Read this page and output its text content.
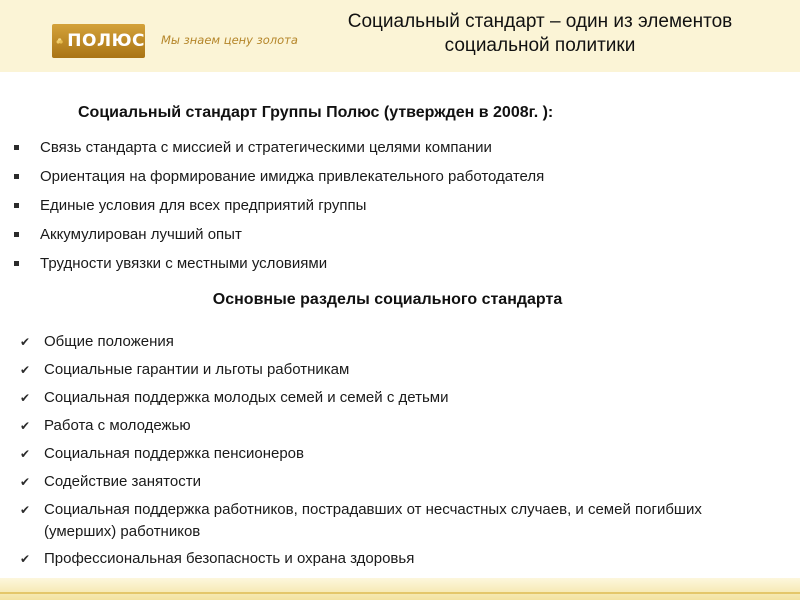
ПОЛЮС Мы знаем цену золота
Социальный стандарт – один из элементов
социальной политики
Социальный стандарт Группы Полюс (утвержден в 2008г. ):
Связь стандарта с миссией и стратегическими целями компании
Ориентация на формирование имиджа привлекательного работодателя
Единые условия для всех предприятий группы
Аккумулирован лучший опыт
Трудности увязки с местными условиями
Основные разделы социального стандарта
✔ Общие положения
✔ Социальные гарантии и льготы работникам
✔ Социальная поддержка молодых семей и семей с детьми
✔ Работа с молодежью
✔ Социальная поддержка пенсионеров
✔ Содействие занятости
✔ Социальная поддержка работников, пострадавших от несчастных случаев, и семей погибших (умерших) работников
✔ Профессиональная безопасность и охрана здоровья
